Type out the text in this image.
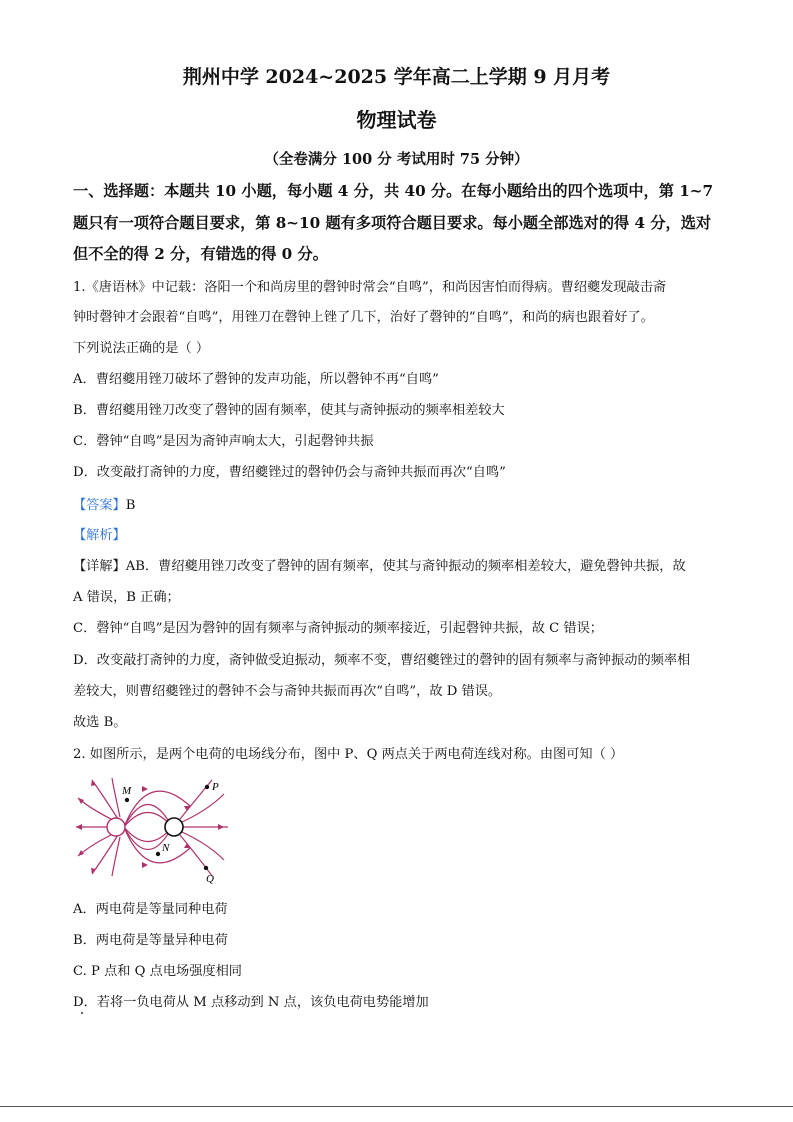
荆州中学 2024~2025 学年高二上学期 9 月月考
物理试卷
（全卷满分 100 分 考试用时 75 分钟）
一、选择题：本题共 10 小题，每小题 4 分，共 40 分。在每小题给出的四个选项中，第 1~7
题只有一项符合题目要求，第 8~10 题有多项符合题目要求。每小题全部选对的得 4 分，选对
但不全的得 2 分，有错选的得 0 分。
1.《唐语林》中记载：洛阳一个和尚房里的磬钟时常会“自鸣”，和尚因害怕而得病。曹绍夔发现敲击斋
钟时磬钟才会跟着“自鸣”，用锉刀在磬钟上锉了几下，治好了磬钟的“自鸣”，和尚的病也跟着好了。
下列说法正确的是（ ）
A．曹绍夔用锉刀破坏了磬钟的发声功能，所以磬钟不再“自鸣”
B．曹绍夔用锉刀改变了磬钟的固有频率，使其与斋钟振动的频率相差较大
C．磬钟“自鸣”是因为斋钟声响太大，引起磬钟共振
D．改变敲打斋钟的力度，曹绍夔锉过的磬钟仍会与斋钟共振而再次“自鸣”
【答案】B
【解析】
【详解】AB．曹绍夔用锉刀改变了磬钟的固有频率，使其与斋钟振动的频率相差较大，避免磬钟共振，故
A 错误，B 正确；
C．磬钟“自鸣”是因为磬钟的固有频率与斋钟振动的频率接近，引起磬钟共振，故 C 错误；
D．改变敲打斋钟的力度，斋钟做受迫振动，频率不变，曹绍夔锉过的磬钟的固有频率与斋钟振动的频率相
差较大，则曹绍夔锉过的磬钟不会与斋钟共振而再次“自鸣”，故 D 错误。
故选 B。
2. 如图所示，是两个电荷的电场线分布，图中 P、Q 两点关于两电荷连线对称。由图可知（ ）
M	P
N
Q
A．两电荷是等量同种电荷
B．两电荷是等量异种电荷
C. P 点和 Q 点电场强度相同
D．若将一负电荷从 M 点移动到 N 点，该负电荷电势能增加
